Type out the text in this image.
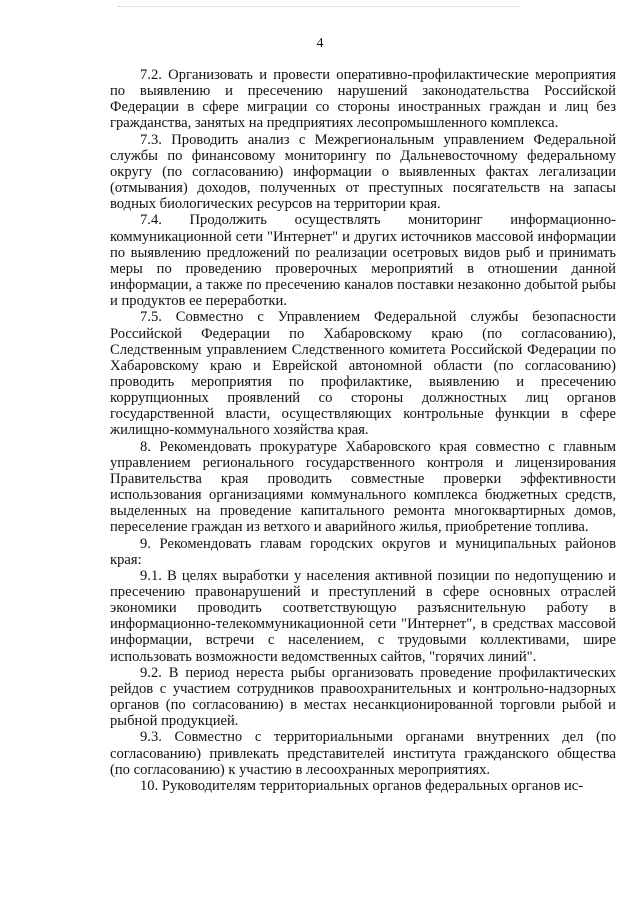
4

7.2. Организовать и провести оперативно-профилактические мероприятия по выявлению и пресечению нарушений законодательства Российской Федерации в сфере миграции со стороны иностранных граждан и лиц без гражданства, занятых на предприятиях лесопромышленного комплекса.

7.3. Проводить анализ с Межрегиональным управлением Федеральной службы по финансовому мониторингу по Дальневосточному федеральному округу (по согласованию) информации о выявленных фактах легализации (отмывания) доходов, полученных от преступных посягательств на запасы водных биологических ресурсов на территории края.

7.4. Продолжить осуществлять мониторинг информационно-коммуникационной сети "Интернет" и других источников массовой информации по выявлению предложений по реализации осетровых видов рыб и принимать меры по проведению проверочных мероприятий в отношении данной информации, а также по пресечению каналов поставки незаконно добытой рыбы и продуктов ее переработки.

7.5. Совместно с Управлением Федеральной службы безопасности Российской Федерации по Хабаровскому краю (по согласованию), Следственным управлением Следственного комитета Российской Федерации по Хабаровскому краю и Еврейской автономной области (по согласованию) проводить мероприятия по профилактике, выявлению и пресечению коррупционных проявлений со стороны должностных лиц органов государственной власти, осуществляющих контрольные функции в сфере жилищно-коммунального хозяйства края.

8. Рекомендовать прокуратуре Хабаровского края совместно с главным управлением регионального государственного контроля и лицензирования Правительства края проводить совместные проверки эффективности использования организациями коммунального комплекса бюджетных средств, выделенных на проведение капитального ремонта многоквартирных домов, переселение граждан из ветхого и аварийного жилья, приобретение топлива.

9. Рекомендовать главам городских округов и муниципальных районов края:

9.1. В целях выработки у населения активной позиции по недопущению и пресечению правонарушений и преступлений в сфере основных отраслей экономики проводить соответствующую разъяснительную работу в информационно-телекоммуникационной сети "Интернет", в средствах массовой информации, встречи с населением, с трудовыми коллективами, шире использовать возможности ведомственных сайтов, "горячих линий".

9.2. В период нереста рыбы организовать проведение профилактических рейдов с участием сотрудников правоохранительных и контрольно-надзорных органов (по согласованию) в местах несанкционированной торговли рыбой и рыбной продукцией.

9.3. Совместно с территориальными органами внутренних дел (по согласованию) привлекать представителей института гражданского общества (по согласованию) к участию в лесоохранных мероприятиях.

10. Руководителям территориальных органов федеральных органов ис-
